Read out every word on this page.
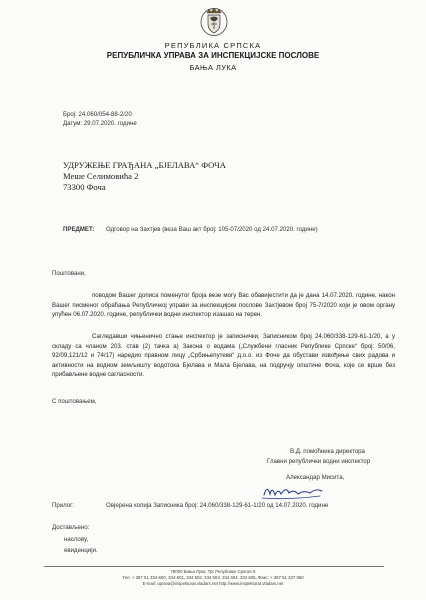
РЕПУБЛИКА СРПСКА
РЕПУБЛИЧКА УПРАВА ЗА ИНСПЕКЦИЈСКЕ ПОСЛОВЕ
БАЊА ЛУКА
Број: 24.060/054-88-2/20
Датум: 29.07.2020. године
УДРУЖЕЊЕ ГРАЂАНА „БЈЕЛАВА“ ФОЧА
Меше Селимовића 2
73300 Фоча
ПРЕДМЕТ: Одговор на Захтјев (веза Ваш акт број: 105-07/2020 од 24.07.2020. године)
Поштовани,
поводом Вашег дописа поменутог броја везе могу Вас обавијестити да је дана 14.07.2020. године, након Вашег писменог обраћања Републичкој управи за инспекцијске послове Захтјевом број 75-7/2020 који је овом органу упућен 06.07.2020. године, републички водни инспектор изашао на терен.
Сагледавши чињенично стање инспектор је записнички, Записником број 24.060/338-129-61-1/20, а у складу са чланом 203. став (2) тачка а) Закона о водама („Службени гласник Републике Српске“ број: 50/06, 92/09,121/12 и 74/17) наредио правном лицу „Србињепутеви“ д.о.о. из Фоче да обустави извођење свих радова и активности на водном земљишту водотока Бјелава и Мала Бјелава, на подручју општине Фоча, које се врше без прибављене водне сагласности.
С поштовањем,
В.Д. помоћника директора
Главни републички водни инспектор
Александар Мисита,
Прилог:	Овјерена копија Записника број: 24.060/338-129-61-1/20 од 14.07.2020. године
Достављено:
насловy,
евиденцији.
78000 Бања Лука, Трг Републике Српске 8
Тел. + 387 51 334-600, 334-601, 334 602, 334 603, 334 604, 334 605, Факс: + 387 51 337 950
E-mail: uprava@inspektorat.vladars.net http://www.inspektorat.vladars.net
